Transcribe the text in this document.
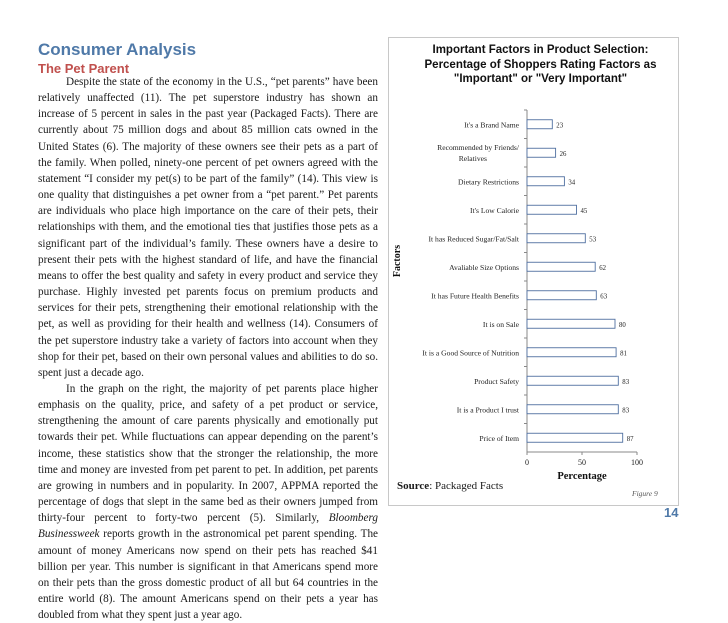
Consumer Analysis
The Pet Parent

Despite the state of the economy in the U.S., “pet parents” have been relatively unaffected (11). The pet superstore industry has shown an increase of 5 percent in sales in the past year (Packaged Facts). There are currently about 75 million dogs and about 85 million cats owned in the United States (6). The majority of these owners see their pets as a part of the family. When polled, ninety-one percent of pet owners agreed with the statement “I consider my pet(s) to be part of the family” (14). This view is one quality that distinguishes a pet owner from a “pet parent.” Pet parents are individuals who place high importance on the care of their pets, their relationships with them, and the emotional ties that justifies those pets as a significant part of the individual’s family. These owners have a desire to present their pets with the highest standard of life, and have the financial means to offer the best quality and safety in every product and service they purchase. Highly invested pet parents focus on premium products and services for their pets, strengthening their emotional relationship with the pet, as well as providing for their health and wellness (14). Consumers of the pet superstore industry take a variety of factors into account when they shop for their pet, based on their own personal values and abilities to do so. spent just a decade ago.

In the graph on the right, the majority of pet parents place higher emphasis on the quality, price, and safety of a pet product or service, strengthening the amount of care parents physically and emotionally put towards their pet. While fluctuations can appear depending on the parent’s income, these statistics show that the stronger the relationship, the more time and money are invested from pet parent to pet. In addition, pet parents are growing in numbers and in popularity. In 2007, APPMA reported the percentage of dogs that slept in the same bed as their owners jumped from thirty-four percent to forty-two percent (5). Similarly, Bloomberg Businessweek reports growth in the astronomical pet parent spending. The amount of money Americans now spend on their pets has reached $41 billion per year. This number is significant in that Americans spend more on their pets than the gross domestic product of all but 64 countries in the entire world (8). The amount Americans spend on their pets a year has doubled from what they spent just a year ago.

Important Factors in Product Selection: Percentage of Shoppers Rating Factors as "Important" or "Very Important"

23
It's a Brand Name
26
Recommended by Friends/ Relatives
34
Dietary Restrictions
45
It's Low Calorie
53
It has Reduced Sugar/Fat/Salt
62
Avaliable Size Options
63
It has Future Health Benefits
80
It is on Sale
81
It is a Good Source of Nutrition
83
Product Safety
83
It is a Product I trust
87
Price of Item
0	50	100
Percentage
Factors
Source: Packaged Facts
Figure 9
14
